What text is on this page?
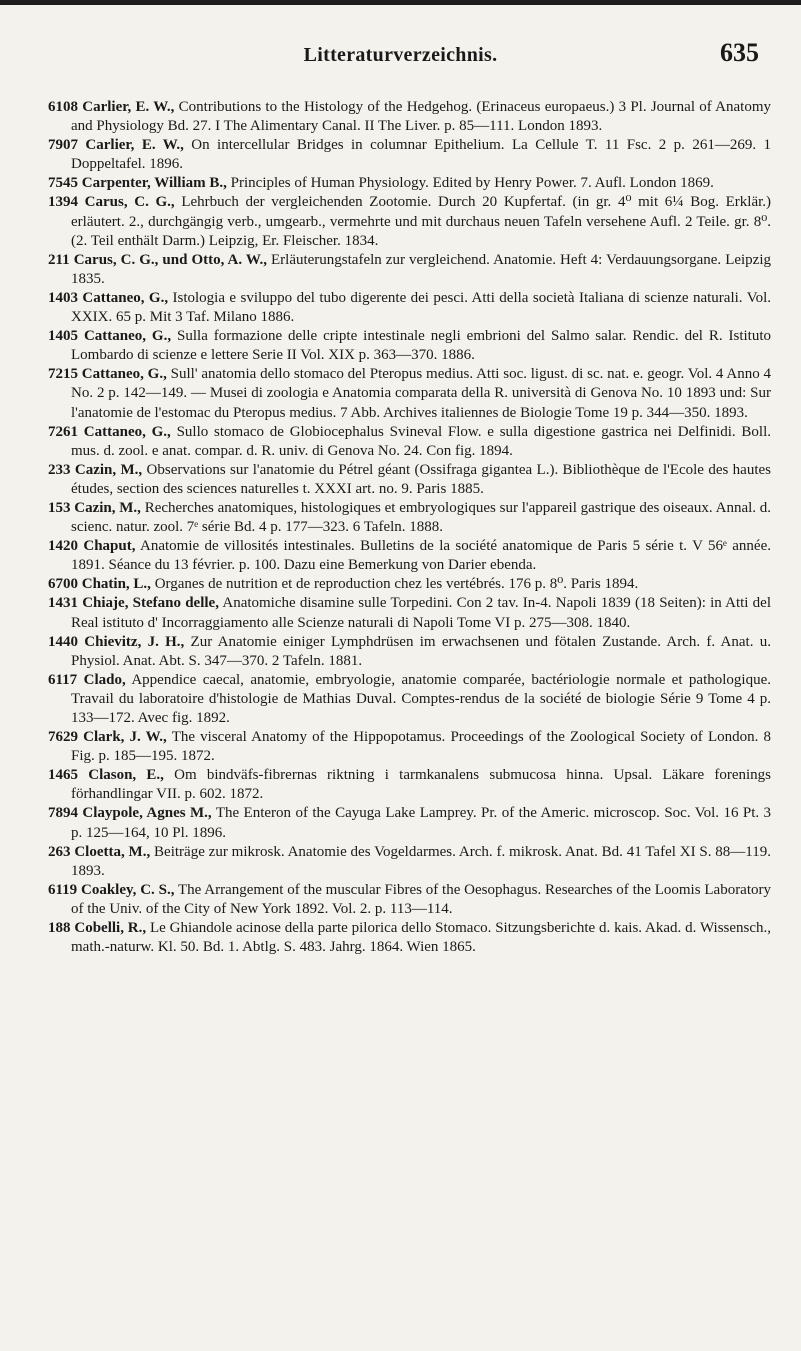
Litteraturverzeichnis.	635

6108 Carlier, E. W., Contributions to the Histology of the Hedgehog. (Erinaceus europaeus.) 3 Pl. Journal of Anatomy and Physiology Bd. 27. I The Alimentary Canal. II The Liver. p. 85—111. London 1893.

7907 Carlier, E. W., On intercellular Bridges in columnar Epithelium. La Cellule T. 11 Fsc. 2 p. 261—269. 1 Doppeltafel. 1896.

7545 Carpenter, William B., Principles of Human Physiology. Edited by Henry Power. 7. Aufl. London 1869.

1394 Carus, C. G., Lehrbuch der vergleichenden Zootomie. Durch 20 Kupfertaf. (in gr. 4⁰ mit 6¼ Bog. Erklär.) erläutert. 2., durchgängig verb., umgearb., vermehrte und mit durchaus neuen Tafeln versehene Aufl. 2 Teile. gr. 8⁰. (2. Teil enthält Darm.) Leipzig, Er. Fleischer. 1834.

211 Carus, C. G., und Otto, A. W., Erläuterungstafeln zur vergleichend. Anatomie. Heft 4: Verdauungsorgane. Leipzig 1835.

1403 Cattaneo, G., Istologia e sviluppo del tubo digerente dei pesci. Atti della società Italiana di scienze naturali. Vol. XXIX. 65 p. Mit 3 Taf. Milano 1886.

1405 Cattaneo, G., Sulla formazione delle cripte intestinale negli embrioni del Salmo salar. Rendic. del R. Istituto Lombardo di scienze e lettere Serie II Vol. XIX p. 363—370. 1886.

7215 Cattaneo, G., Sull' anatomia dello stomaco del Pteropus medius. Atti soc. ligust. di sc. nat. e. geogr. Vol. 4 Anno 4 No. 2 p. 142—149. — Musei di zoologia e Anatomia comparata della R. università di Genova No. 10 1893 und: Sur l'anatomie de l'estomac du Pteropus medius. 7 Abb. Archives italiennes de Biologie Tome 19 p. 344—350. 1893.

7261 Cattaneo, G., Sullo stomaco de Globiocephalus Svineval Flow. e sulla digestione gastrica nei Delfinidi. Boll. mus. d. zool. e anat. compar. d. R. univ. di Genova No. 24. Con fig. 1894.

233 Cazin, M., Observations sur l'anatomie du Pétrel géant (Ossifraga gigantea L.). Bibliothèque de l'Ecole des hautes études, section des sciences naturelles t. XXXI art. no. 9. Paris 1885.

153 Cazin, M., Recherches anatomiques, histologiques et embryologiques sur l'appareil gastrique des oiseaux. Annal. d. scienc. natur. zool. 7ᵉ série Bd. 4 p. 177—323. 6 Tafeln. 1888.

1420 Chaput, Anatomie de villosités intestinales. Bulletins de la société anatomique de Paris 5 série t. V 56ᵉ année. 1891. Séance du 13 février. p. 100. Dazu eine Bemerkung von Darier ebenda.

6700 Chatin, L., Organes de nutrition et de reproduction chez les vertébrés. 176 p. 8⁰. Paris 1894.

1431 Chiaje, Stefano delle, Anatomiche disamine sulle Torpedini. Con 2 tav. In-4. Napoli 1839 (18 Seiten): in Atti del Real istituto d' Incorraggiamento alle Scienze naturali di Napoli Tome VI p. 275—308. 1840.

1440 Chievitz, J. H., Zur Anatomie einiger Lymphdrüsen im erwachsenen und fötalen Zustande. Arch. f. Anat. u. Physiol. Anat. Abt. S. 347—370. 2 Tafeln. 1881.

6117 Clado, Appendice caecal, anatomie, embryologie, anatomie comparée, bactériologie normale et pathologique. Travail du laboratoire d'histologie de Mathias Duval. Comptes-rendus de la société de biologie Série 9 Tome 4 p. 133—172. Avec fig. 1892.

7629 Clark, J. W., The visceral Anatomy of the Hippopotamus. Proceedings of the Zoological Society of London. 8 Fig. p. 185—195. 1872.

1465 Clason, E., Om bindväfs-fibrernas riktning i tarmkanalens submucosa hinna. Upsal. Läkare forenings förhandlingar VII. p. 602. 1872.

7894 Claypole, Agnes M., The Enteron of the Cayuga Lake Lamprey. Pr. of the Americ. microscop. Soc. Vol. 16 Pt. 3 p. 125—164, 10 Pl. 1896.

263 Cloetta, M., Beiträge zur mikrosk. Anatomie des Vogeldarmes. Arch. f. mikrosk. Anat. Bd. 41 Tafel XI S. 88—119. 1893.

6119 Coakley, C. S., The Arrangement of the muscular Fibres of the Oesophagus. Researches of the Loomis Laboratory of the Univ. of the City of New York 1892. Vol. 2. p. 113—114.

188 Cobelli, R., Le Ghiandole acinose della parte pilorica dello Stomaco. Sitzungsberichte d. kais. Akad. d. Wissensch., math.-naturw. Kl. 50. Bd. 1. Abtlg. S. 483. Jahrg. 1864. Wien 1865.
